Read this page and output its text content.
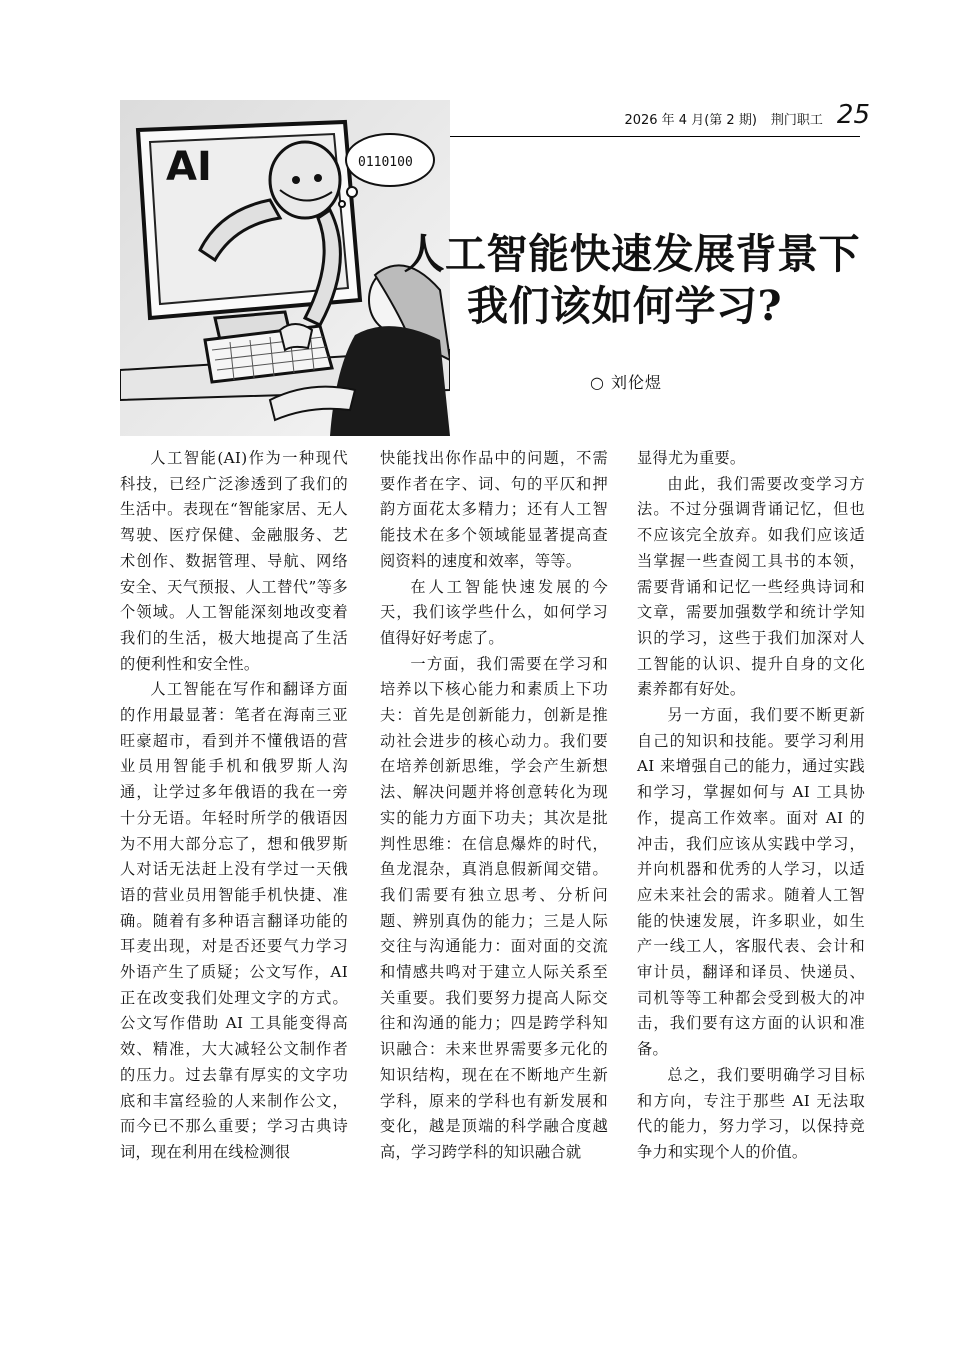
2026 年 4 月(第 2 期) 荆门职工 25
AI	0110100
人工智能快速发展背景下
我们该如何学习?
○ 刘伦煜

人工智能(AI)作为一种现代科技，已经广泛渗透到了我们的生活中。表现在“智能家居、无人驾驶、医疗保健、金融服务、艺术创作、数据管理、导航、网络安全、天气预报、人工替代”等多个领域。人工智能深刻地改变着我们的生活，极大地提高了生活的便利性和安全性。

人工智能在写作和翻译方面的作用最显著：笔者在海南三亚旺豪超市，看到并不懂俄语的营业员用智能手机和俄罗斯人沟通，让学过多年俄语的我在一旁十分无语。年轻时所学的俄语因为不用大部分忘了，想和俄罗斯人对话无法赶上没有学过一天俄语的营业员用智能手机快捷、准确。随着有多种语言翻译功能的耳麦出现，对是否还要气力学习外语产生了质疑；公文写作，AI 正在改变我们处理文字的方式。公文写作借助 AI 工具能变得高效、精准，大大减轻公文制作者的压力。过去靠有厚实的文字功底和丰富经验的人来制作公文，而今已不那么重要；学习古典诗词，现在利用在线检测很

快能找出你作品中的问题，不需要作者在字、词、句的平仄和押韵方面花太多精力；还有人工智能技术在多个领域能显著提高查阅资料的速度和效率，等等。

在人工智能快速发展的今天，我们该学些什么，如何学习值得好好考虑了。

一方面，我们需要在学习和培养以下核心能力和素质上下功夫：首先是创新能力，创新是推动社会进步的核心动力。我们要在培养创新思维，学会产生新想法、解决问题并将创意转化为现实的能力方面下功夫；其次是批判性思维：在信息爆炸的时代，鱼龙混杂，真消息假新闻交错。我们需要有独立思考、分析问题、辨别真伪的能力；三是人际交往与沟通能力：面对面的交流和情感共鸣对于建立人际关系至关重要。我们要努力提高人际交往和沟通的能力；四是跨学科知识融合：未来世界需要多元化的知识结构，现在在不断地产生新学科，原来的学科也有新发展和变化，越是顶端的科学融合度越高，学习跨学科的知识融合就

显得尤为重要。

由此，我们需要改变学习方法。不过分强调背诵记忆，但也不应该完全放弃。如我们应该适当掌握一些查阅工具书的本领，需要背诵和记忆一些经典诗词和文章，需要加强数学和统计学知识的学习，这些于我们加深对人工智能的认识、提升自身的文化素养都有好处。

另一方面，我们要不断更新自己的知识和技能。要学习利用 AI 来增强自己的能力，通过实践和学习，掌握如何与 AI 工具协作，提高工作效率。面对 AI 的冲击，我们应该从实践中学习，并向机器和优秀的人学习，以适应未来社会的需求。随着人工智能的快速发展，许多职业，如生产一线工人，客服代表、会计和审计员，翻译和译员、快递员、司机等等工种都会受到极大的冲击，我们要有这方面的认识和准备。

总之，我们要明确学习目标和方向，专注于那些 AI 无法取代的能力，努力学习，以保持竞争力和实现个人的价值。
